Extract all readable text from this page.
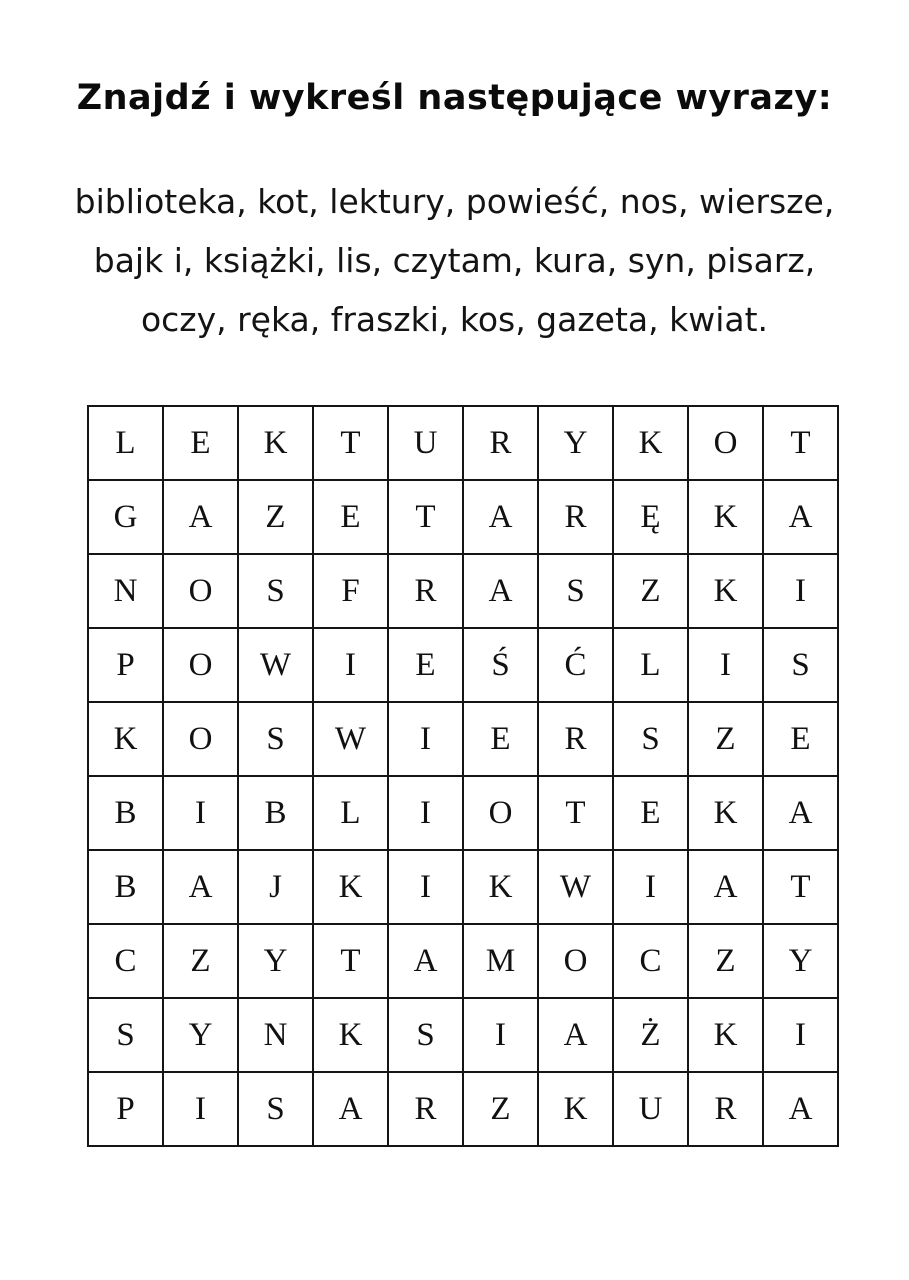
Znajdź i wykreśl następujące wyrazy:
biblioteka, kot, lektury, powieść, nos, wiersze,
bajk i, książki, lis, czytam, kura, syn, pisarz,
oczy, ręka, fraszki, kos, gazeta, kwiat.
L	E	K	T	U	R	Y	K	O	T
G	A	Z	E	T	A	R	Ę	K	A
N	O	S	F	R	A	S	Z	K	I
P	O	W	I	E	Ś	Ć	L	I	S
K	O	S	W	I	E	R	S	Z	E
B	I	B	L	I	O	T	E	K	A
B	A	J	K	I	K	W	I	A	T
C	Z	Y	T	A	M	O	C	Z	Y
S	Y	N	K	S	I	A	Ż	K	I
P	I	S	A	R	Z	K	U	R	A
